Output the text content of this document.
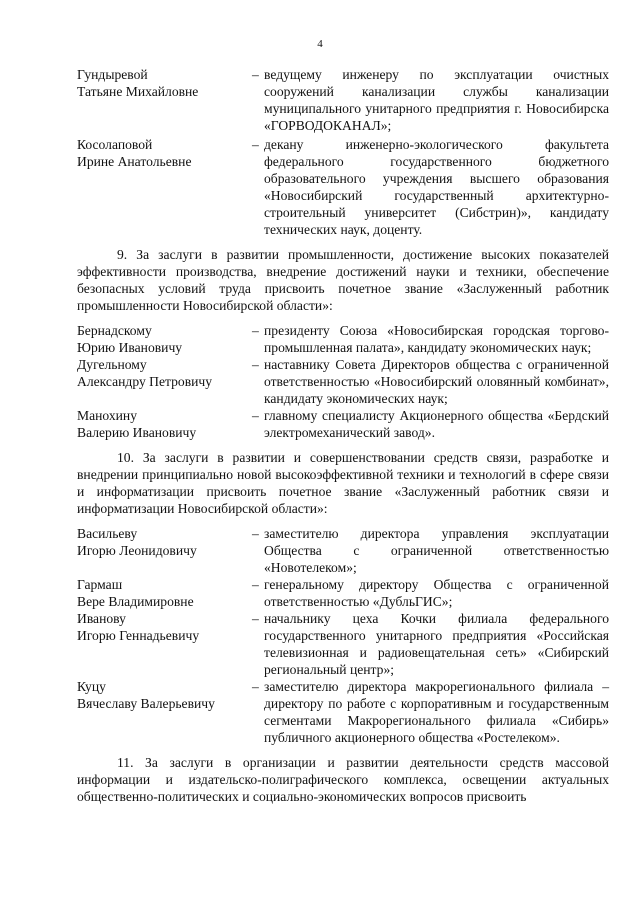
4
Гундыревой
Татьяне Михайловне
– ведущему инженеру по эксплуатации очистных сооружений канализации службы канализации муниципального унитарного предприятия г. Новосибирска «ГОРВОДОКАНАЛ»;
Косолаповой
Ирине Анатольевне
– декану инженерно-экологического факультета федерального государственного бюджетного образовательного учреждения высшего образования «Новосибирский государственный архитектурно-строительный университет (Сибстрин)», кандидату технических наук, доценту.
9. За заслуги в развитии промышленности, достижение высоких показателей эффективности производства, внедрение достижений науки и техники, обеспечение безопасных условий труда присвоить почетное звание «Заслуженный работник промышленности Новосибирской области»:
Бернадскому
Юрию Ивановичу
– президенту Союза «Новосибирская городская торгово-промышленная палата», кандидату экономических наук;
Дугельному
Александру Петровичу
– наставнику Совета Директоров общества с ограниченной ответственностью «Новосибирский оловянный комбинат», кандидату экономических наук;
Манохину
Валерию Ивановичу
– главному специалисту Акционерного общества «Бердский электромеханический завод».
10. За заслуги в развитии и совершенствовании средств связи, разработке и внедрении принципиально новой высокоэффективной техники и технологий в сфере связи и информатизации присвоить почетное звание «Заслуженный работник связи и информатизации Новосибирской области»:
Васильеву
Игорю Леонидовичу
– заместителю директора управления эксплуатации Общества с ограниченной ответственностью «Новотелеком»;
Гармаш
Вере Владимировне
– генеральному директору Общества с ограниченной ответственностью «ДубльГИС»;
Иванову
Игорю Геннадьевичу
– начальнику цеха Кочки филиала федерального государственного унитарного предприятия «Российская телевизионная и радиовещательная сеть» «Сибирский региональный центр»;
Куцу
Вячеславу Валерьевичу
– заместителю директора макрорегионального филиала – директору по работе с корпоративным и государственным сегментами Макрорегионального филиала «Сибирь» публичного акционерного общества «Ростелеком».
11. За заслуги в организации и развитии деятельности средств массовой информации и издательско-полиграфического комплекса, освещении актуальных общественно-политических и социально-экономических вопросов присвоить
